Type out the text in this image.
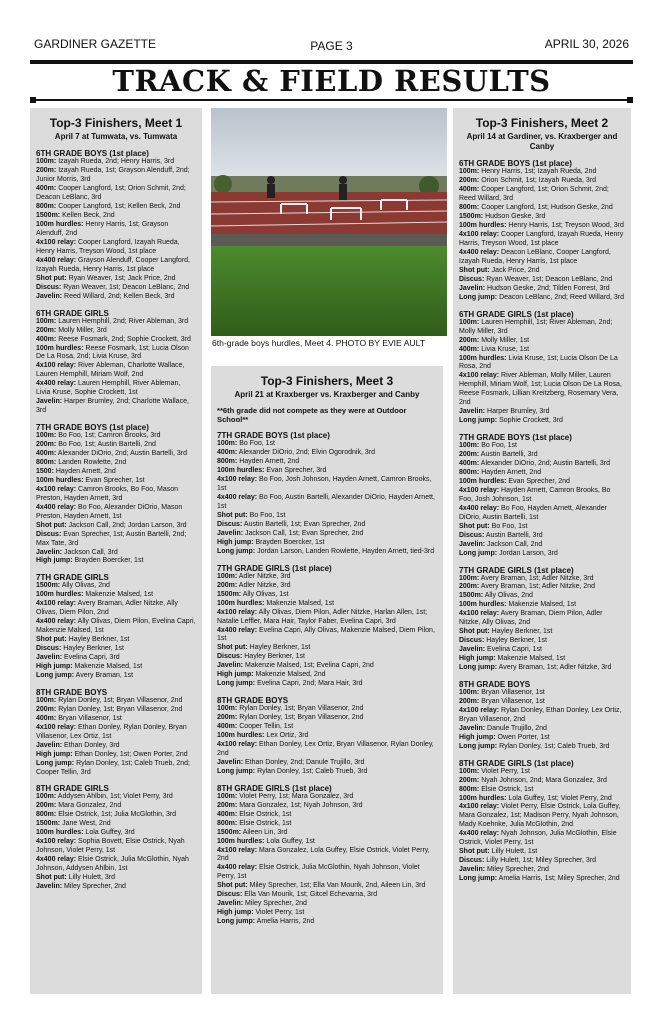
GARDINER GAZETTE	PAGE 3	APRIL 30, 2026
TRACK & FIELD RESULTS
Top-3 Finishers, Meet 1
April 7 at Tumwata, vs. Tumwata
6TH GRADE BOYS (1st place)
100m: Izayah Rueda, 2nd; Henry Harris, 3rd
200m: Izayah Rueda, 1st; Grayson Alenduff, 2nd; Junior Morris, 3rd
400m: Cooper Langford, 1st; Orion Schmit, 2nd; Deacon LeBlanc, 3rd
800m: Cooper Langford, 1st; Kellen Beck, 2nd
1500m: Kellen Beck, 2nd
100m hurdles: Henry Harris, 1st; Grayson Alenduff, 2nd
4x100 relay: Cooper Langford, Izayah Rueda, Henry Harris, Treyson Wood, 1st place
4x400 relay: Grayson Alenduff, Cooper Langford, Izayah Rueda, Henry Harris, 1st place
Shot put: Ryan Weaver, 1st; Jack Price, 2nd
Discus: Ryan Weaver, 1st; Deacon LeBlanc, 2nd
Javelin: Reed Willard, 2nd; Kellen Beck, 3rd
6TH GRADE GIRLS
100m: Lauren Hemphill, 2nd; River Ableman, 3rd
200m: Molly Miller, 3rd
400m: Reese Fosmark, 2nd; Sophie Crockett, 3rd
100m hurdles: Reese Fosmark, 1st; Lucia Olson De La Rosa, 2nd; Livia Kruse, 3rd
4x100 relay: River Ableman, Charlotte Wallace, Lauren Hemphill, Miriam Wolf, 2nd
4x400 relay: Lauren Hemphill, River Ableman, Livia Kruse, Sophie Crockett, 1st
Javelin: Harper Brumley, 2nd; Charlotte Wallace, 3rd
7TH GRADE BOYS (1st place)
100m: Bo Foo, 1st; Camron Brooks, 3rd
200m: Bo Foo, 1st; Austin Bartelli, 2nd
400m: Alexander DiOrio, 2nd; Austin Bartelli, 3rd
800m: Landen Rowlette, 2nd
1500: Hayden Arnett, 2nd
100m hurdles: Evan Sprecher, 1st
4x100 relay: Camron Brooks, Bo Foo, Mason Preston, Hayden Arnett, 3rd
4x400 relay: Bo Foo, Alexander DiOrio, Mason Preston, Hayden Arnett, 1st
Shot put: Jackson Call, 2nd; Jordan Larson, 3rd
Discus: Evan Sprecher, 1st; Austin Bartelli, 2nd; Max Tate, 3rd
Javelin: Jackson Call, 3rd
High jump: Brayden Boercker, 1st
7TH GRADE GIRLS
1500m: Ally Olivas, 2nd
100m hurdles: Makenzie Malsed, 1st
4x100 relay: Avery Braman, Adler Nitzke, Ally Olivas, Diem Pilon, 2nd
4x400 relay: Ally Olivas, Diem Pilon, Evelina Capri, Makenzie Malsed, 1st
Shot put: Hayley Berkner, 1st
Discus: Hayley Berkner, 1st
Javelin: Evelina Capri, 3rd
High jump: Makenzie Malsed, 1st
Long jump: Avery Braman, 1st
8TH GRADE BOYS
100m: Rylan Donley, 1st; Bryan Villasenor, 2nd
200m: Rylan Donley, 1st; Bryan Villasenor, 2nd
400m: Bryan Villasenor, 1st
4x100 relay: Ethan Donley, Rylan Donley, Bryan Villasenor, Lex Ortiz, 1st
Javelin: Ethan Donley, 3rd
High jump: Ethan Donley, 1st; Owen Porter, 2nd
Long jump: Rylan Donley, 1st; Caleb Trueb, 2nd; Cooper Tellin, 3rd
8TH GRADE GIRLS
100m: Addysen Ahlbin, 1st; Violet Perry, 3rd
200m: Mara Gonzalez, 2nd
800m: Elsie Ostrick, 1st; Julia McGlothin, 3rd
1500m: Jane West, 2nd
100m hurdles: Lola Guffey, 3rd
4x100 relay: Sophia Bovett, Elsie Ostrick, Nyah Johnson, Violet Perry, 1st
4x400 relay: Elsie Ostrick, Julia McGlothin, Nyah Johnson, Addysen Ahlbin, 1st
Shot put: Lilly Hulett, 3rd
Javelin: Miley Sprecher, 2nd
6th-grade boys hurdles, Meet 4. PHOTO BY EVIE AULT
Top-3 Finishers, Meet 3
April 21 at Kraxberger vs. Kraxberger and Canby
**6th grade did not compete as they were at Outdoor School**
7TH GRADE BOYS (1st place)
100m: Bo Foo, 1st
400m: Alexander DiOrio, 2nd; Elvin Ogorodnik, 3rd
800m: Hayden Arnett, 2nd
100m hurdles: Evan Sprecher, 3rd
4x100 relay: Bo Foo, Josh Johnson, Hayden Arnett, Camron Brooks, 1st
4x400 relay: Bo Foo, Austin Bartelli, Alexander DiOrio, Hayden Arnett, 1st
Shot put: Bo Foo, 1st
Discus: Austin Bartelli, 1st; Evan Sprecher, 2nd
Javelin: Jackson Call, 1st; Evan Sprecher, 2nd
High jump: Brayden Boercker, 1st
Long jump: Jordan Larson, Landen Rowlette, Hayden Arnett, tied-3rd
7TH GRADE GIRLS (1st place)
100m: Adler Nitzke, 3rd
200m: Adler Nitzke, 3rd
1500m: Ally Olivas, 1st
100m hurdles: Makenzie Malsed, 1st
4x100 relay: Ally Olivas, Diem Pilon, Adler Nitzke, Harlan Allen, 1st; Natalie Leffler, Mara Hair, Taylor Faber, Evelina Capri, 3rd
4x400 relay: Evelina Capri, Ally Olivas, Makenzie Malsed, Diem Pilon, 1st
Shot put: Hayley Berkner, 1st
Discus: Hayley Berkner, 1st
Javelin: Makenzie Malsed, 1st; Evelina Capri, 2nd
High jump: Makenzie Malsed, 2nd
Long jump: Evelina Capri, 2nd; Mara Hair, 3rd
8TH GRADE BOYS
100m: Rylan Donley, 1st; Bryan Villasenor, 2nd
200m: Rylan Donley, 1st; Bryan Villasenor, 2nd
400m: Cooper Tellin, 1st
100m hurdles: Lex Ortiz, 3rd
4x100 relay: Ethan Donley, Lex Ortiz, Bryan Villasenor, Rylan Donley, 2nd
Javelin: Ethan Donley, 2nd; Danule Trujillo, 3rd
Long jump: Rylan Donley, 1st; Caleb Trueb, 3rd
8TH GRADE GIRLS (1st place)
100m: Violet Perry, 1st; Mara Gonzalez, 3rd
200m: Mara Gonzalez, 1st; Nyah Johnson, 3rd
400m: Elsie Ostrick, 1st
800m: Elsie Ostrick, 1st
1500m: Aileen Lin, 3rd
100m hurdles: Lola Guffey, 1st
4x100 relay: Mara Gonzalez, Lola Guffey, Elsie Ostrick, Violet Perry, 2nd
4x400 relay: Elsie Ostrick, Julia McGlothin, Nyah Johnson, Violet Perry, 1st
Shot put: Miley Sprecher, 1st; Ella Van Mourik, 2nd, Aileen Lin, 3rd
Discus: Ella Van Mourik, 1st; Gitcel Echevarria, 3rd
Javelin: Miley Sprecher, 2nd
High jump: Violet Perry, 1st
Long jump: Amelia Harris, 2nd
Top-3 Finishers, Meet 2
April 14 at Gardiner, vs. Kraxberger and Canby
6TH GRADE BOYS (1st place)
100m: Henry Harris, 1st; Izayah Rueda, 2nd
200m: Orion Schmit, 1st; Izayah Rueda, 3rd
400m: Cooper Langford, 1st; Orion Schmit, 2nd; Reed Willard, 3rd
800m: Cooper Langford, 1st; Hudson Geske, 2nd
1500m: Hudson Geske, 3rd
100m hurdles: Henry Harris, 1st; Treyson Wood, 3rd
4x100 relay: Cooper Langford, Izayah Rueda, Henry Harris, Treyson Wood, 1st place
4x400 relay: Deacon LeBlanc, Cooper Langford, Izayah Rueda, Henry Harris, 1st place
Shot put: Jack Price, 2nd
Discus: Ryan Weaver, 1st; Deacon LeBlanc, 2nd
Javelin: Hudson Geske, 2nd; Tilden Forrest, 3rd
Long jump: Deacon LeBlanc, 2nd; Reed Willard, 3rd
6TH GRADE GIRLS (1st place)
100m: Lauren Hemphill, 1st; River Ableman, 2nd; Molly Miller, 3rd
200m: Molly Miller, 1st
400m: Livia Kruse, 1st
100m hurdles: Livia Kruse, 1st; Lucia Olson De La Rosa, 2nd
4x100 relay: River Ableman, Molly Miller, Lauren Hemphill, Miriam Wolf, 1st; Lucia Olson De La Rosa, Reese Fosmark, Lillian Kreitzberg, Rosemary Vera, 2nd
Javelin: Harper Brumley, 3rd
Long jump: Sophie Crockett, 3rd
7TH GRADE BOYS (1st place)
100m: Bo Foo, 1st
200m: Austin Bartelli, 3rd
400m: Alexander DiOrio, 2nd; Austin Bartelli, 3rd
800m: Hayden Arnett, 2nd
100m hurdles: Evan Sprecher, 2nd
4x100 relay: Hayden Arnett, Camron Brooks, Bo Foo, Josh Johnson, 1st
4x400 relay: Bo Foo, Hayden Arnett, Alexander DiOrio, Austin Bartelli, 1st
Shot put: Bo Foo, 1st
Discus: Austin Bartelli, 3rd
Javelin: Jackson Call, 2nd
Long jump: Jordan Larson, 3rd
7TH GRADE GIRLS (1st place)
100m: Avery Braman, 1st; Adler Nitzke, 3rd
200m: Avery Braman, 1st; Adler Nitzke, 2nd
1500m: Ally Olivas, 2nd
100m hurdles: Makenzie Malsed, 1st
4x100 relay: Avery Braman, Diem Pilon, Adler Nitzke, Ally Olivas, 2nd
Shot put: Hayley Berkner, 1st
Discus: Hayley Berkner, 1st
Javelin: Evelina Capri, 1st
High jump: Makenzie Malsed, 1st
Long jump: Avery Braman, 1st; Adler Nitzke, 3rd
8TH GRADE BOYS
100m: Bryan Villasenor, 1st
200m: Bryan Villasenor, 1st
4x100 relay: Rylan Donley, Ethan Donley, Lex Ortiz, Bryan Villasenor, 2nd
Javelin: Danule Trujillo, 2nd
High jump: Owen Porter, 1st
Long jump: Rylan Donley, 1st; Caleb Trueb, 3rd
8TH GRADE GIRLS (1st place)
100m: Violet Perry, 1st
200m: Nyah Johnson, 2nd; Mara Gonzalez, 3rd
800m: Elsie Ostrick, 1st
100m hurdles: Lola Guffey, 1st; Violet Perry, 2nd
4x100 relay: Violet Perry, Elsie Ostrick, Lola Guffey, Mara Gonzalez, 1st; Madison Perry, Nyah Johnson, Mady Koehnke, Julia McGlothin, 2nd
4x400 relay: Nyah Johnson, Julia McGlothin, Elsie Ostrick, Violet Perry, 1st
Shot put: Lilly Hulett, 1st
Discus: Lilly Hulett, 1st; Miley Sprecher, 3rd
Javelin: Miley Sprecher, 2nd
Long jump: Amelia Harris, 1st; Miley Sprecher, 2nd
